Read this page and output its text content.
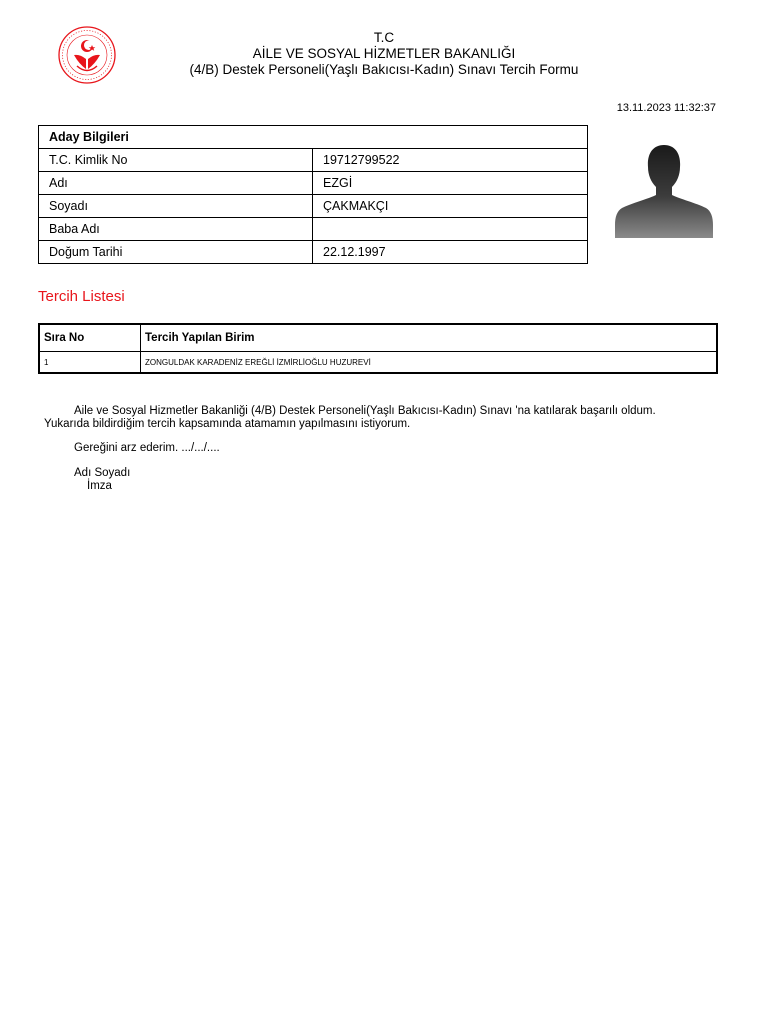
T.C
AİLE VE SOSYAL HİZMETLER BAKANLIĞI
(4/B) Destek Personeli(Yaşlı Bakıcısı-Kadın) Sınavı Tercih Formu
13.11.2023 11:32:37
Aday Bilgileri	
T.C. Kimlik No	19712799522
Adı	EZGİ
Soyadı	ÇAKMAKÇI
Baba Adı	
Doğum Tarihi	22.12.1997
Tercih Listesi
Sıra No	Tercih Yapılan Birim
1	ZONGULDAK KARADENİZ EREĞLİ İZMİRLİOĞLU HUZUREVİ

Aile ve Sosyal Hizmetler Bakanliği (4/B) Destek Personeli(Yaşlı Bakıcısı-Kadın) Sınavı 'na katılarak başarılı oldum.

Yukarıda bildirdiğim tercih kapsamında atamamın yapılmasını istiyorum.

Gereğini arz ederim. .../.../....

Adı Soyadı

İmza
